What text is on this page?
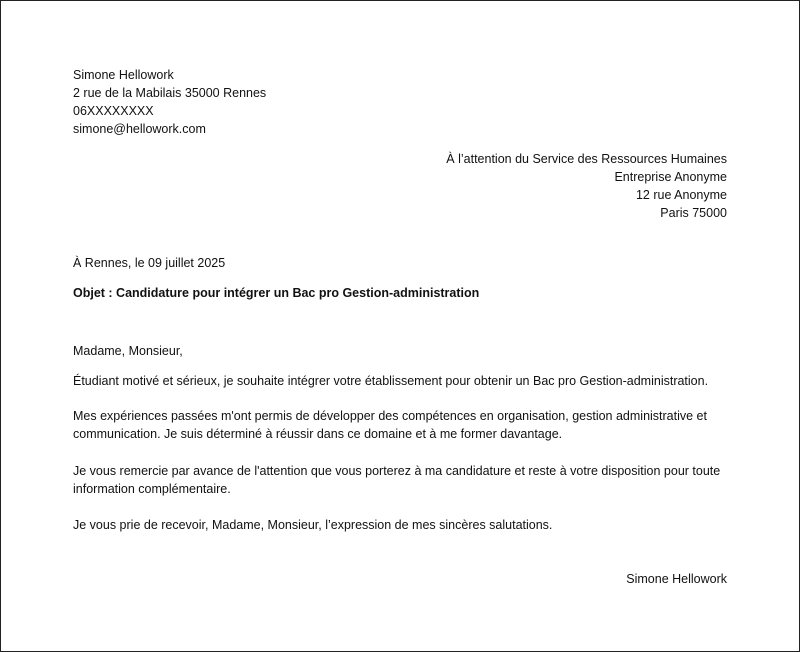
Simone Hellowork
2 rue de la Mabilais 35000 Rennes
06XXXXXXXX
simone@hellowork.com
À l’attention du Service des Ressources Humaines
Entreprise Anonyme
12 rue Anonyme
Paris 75000
À Rennes, le 09 juillet 2025
Objet : Candidature pour intégrer un Bac pro Gestion-administration
Madame, Monsieur,
Étudiant motivé et sérieux, je souhaite intégrer votre établissement pour obtenir un Bac pro Gestion-administration.
Mes expériences passées m'ont permis de développer des compétences en organisation, gestion administrative et communication. Je suis déterminé à réussir dans ce domaine et à me former davantage.
Je vous remercie par avance de l'attention que vous porterez à ma candidature et reste à votre disposition pour toute information complémentaire.
Je vous prie de recevoir, Madame, Monsieur, l’expression de mes sincères salutations.
Simone Hellowork
